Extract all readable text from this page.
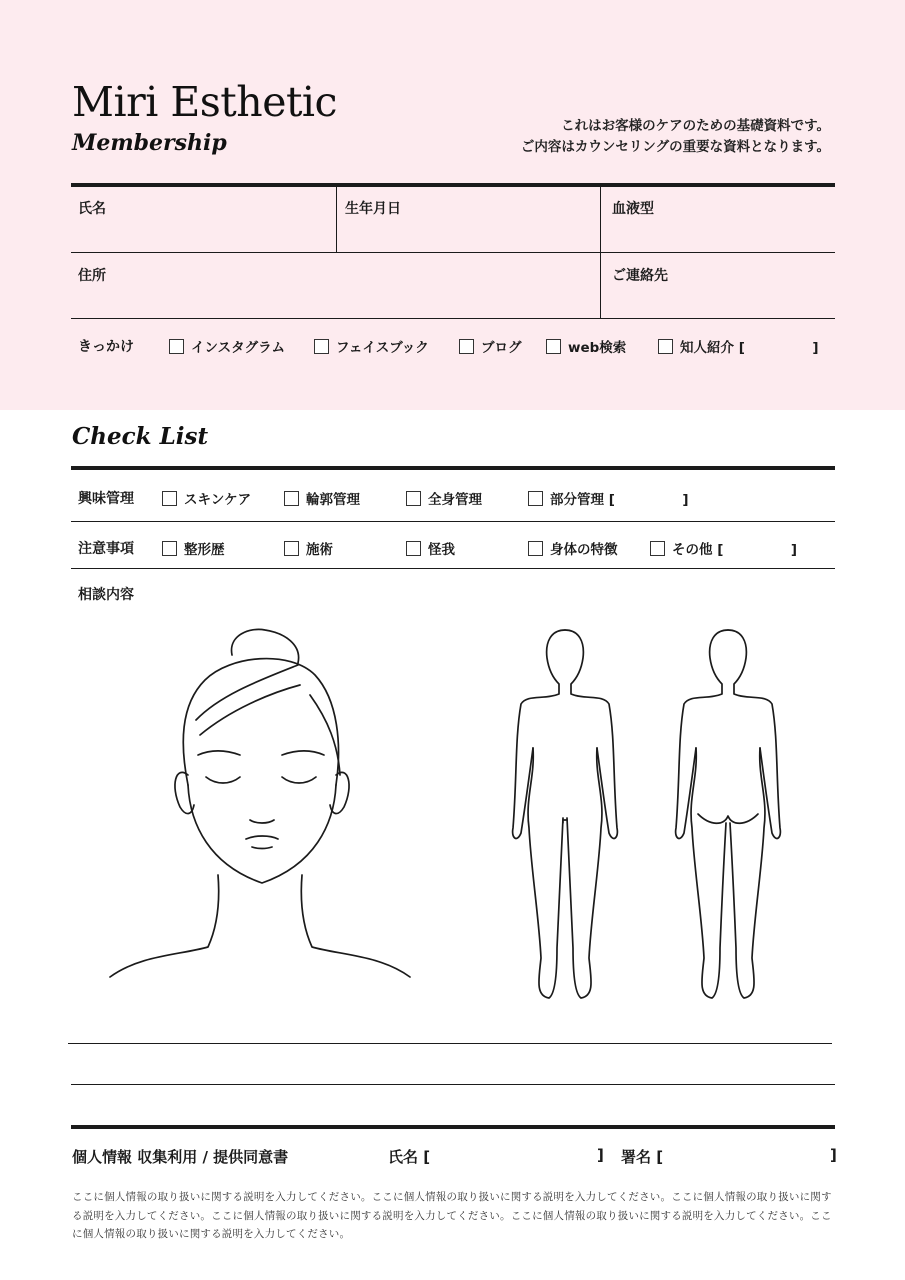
Miri Esthetic
Membership
これはお客様のケアのための基礎資料です。
ご内容はカウンセリングの重要な資料となります。
氏名	生年月日	血液型
住所	ご連絡先
きっかけ	インスタグラム	フェイスブック	ブログ	web検索	知人紹介 [　　　　　]
Check List
興味管理	スキンケア	輪郭管理	全身管理	部分管理 [　　　　　]
注意事項	整形歴	施術	怪我	身体の特徴	その他 [　　　　　]
相談内容
個人情報 収集利用 / 提供同意書	氏名 [	] 署名 [	]
ここに個人情報の取り扱いに関する説明を入力してください。ここに個人情報の取り扱いに関する説明を入力してください。ここに個人情報の取り扱いに関する説明を入力してください。ここに個人情報の取り扱いに関する説明を入力してください。ここに個人情報の取り扱いに関する説明を入力してください。ここに個人情報の取り扱いに関する説明を入力してください。
